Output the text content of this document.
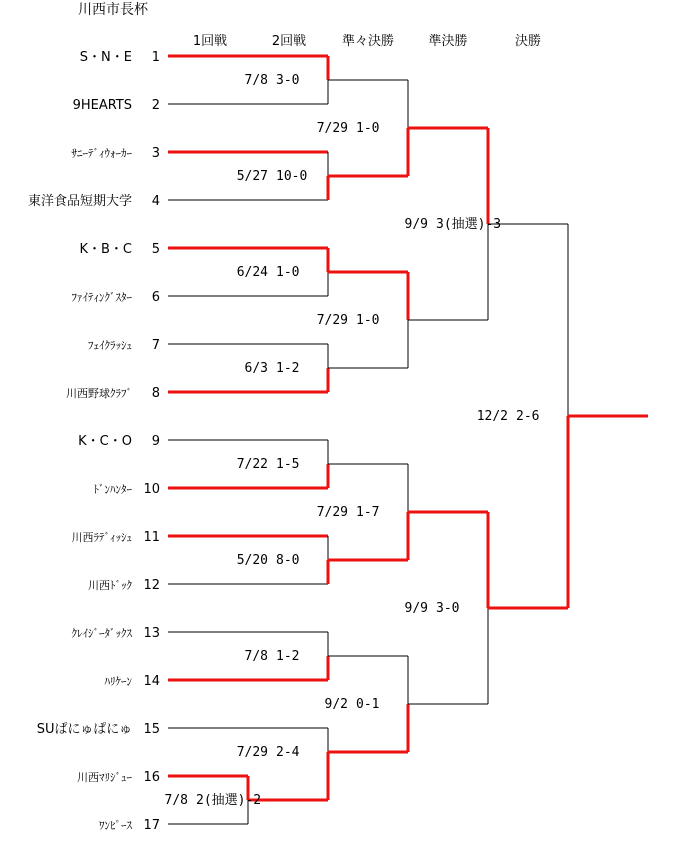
川西市長杯
1回戦	2回戦	準々決勝	準決勝	決勝
1
S・N・E
2
9HEARTS
3
ｻﾆｰﾃﾞｨｳｫｰｶｰ
4
東洋食品短期大学
5
K・B・C
6
ﾌｧｲﾃｨﾝｸﾞｽﾀｰ
7
ﾌｪｲｸﾗｯｼｭ
8
川西野球ｸﾗﾌﾞ
9
K・C・O
10
ﾄﾞﾝﾊﾝﾀｰ
11
川西ﾗﾃﾞｨｯｼｭ
12
川西ﾄﾞｯｸ
13
ｸﾚｲｼﾞｰﾀﾞｯｸｽ
14
ﾊﾘｹｰﾝ
15
SUぱにゅぱにゅ
16
川西ﾏﾘｼﾞｭｰ
17
ﾜﾝﾋﾟｰｽ
7/8 2(抽選)-2
7/8 3-0
5/27 10-0
6/24 1-0
6/3 1-2
7/22 1-5
5/20 8-0
7/8 1-2
7/29 2-4
7/29 1-0
7/29 1-0
7/29 1-7
9/2 0-1
9/9 3(抽選)-3
9/9 3-0
12/2 2-6
